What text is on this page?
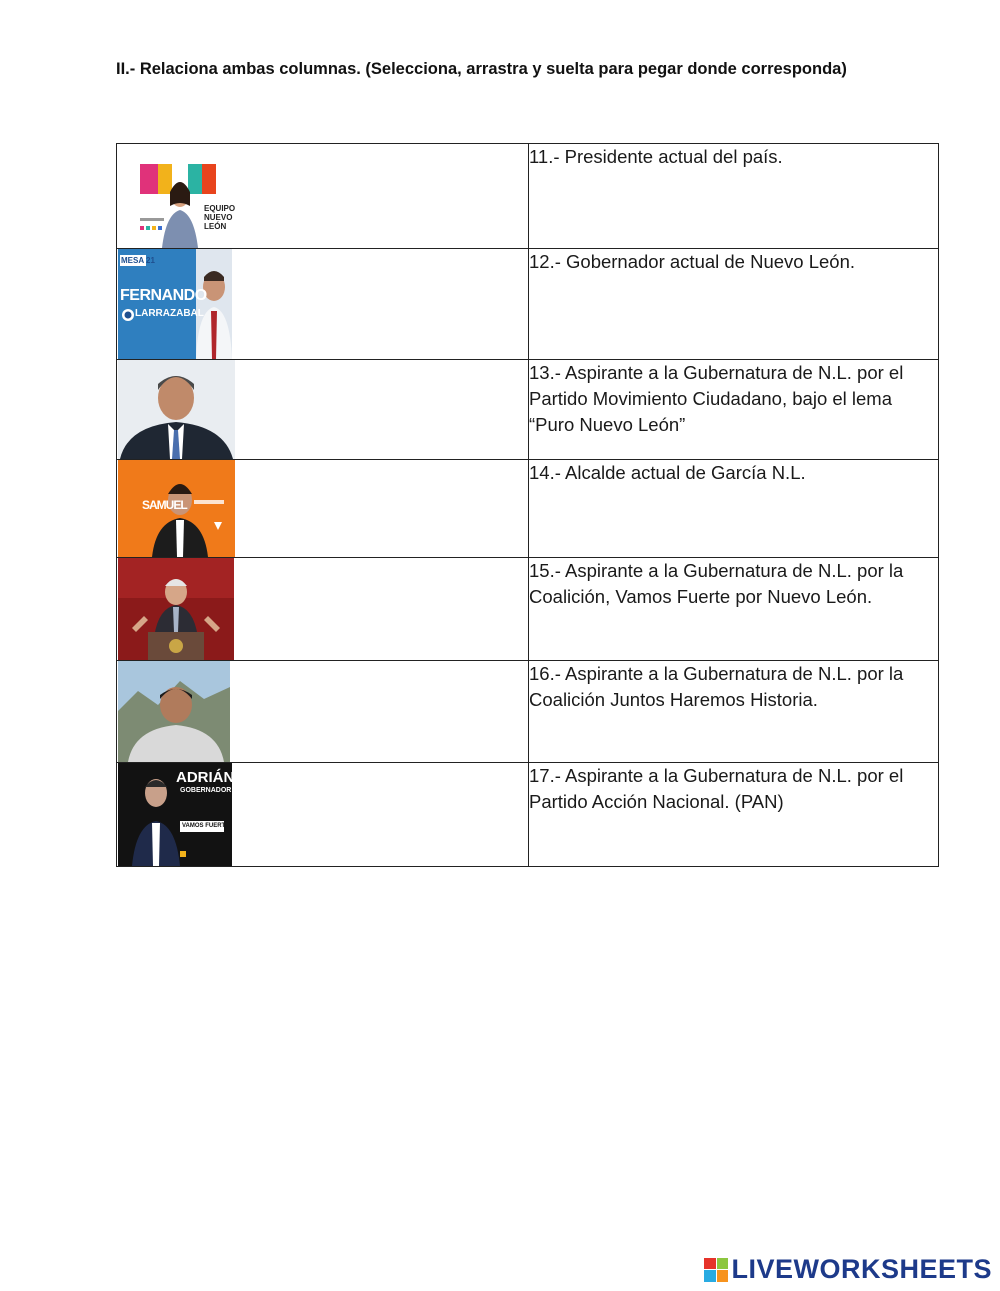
II.- Relaciona ambas columnas. (Selecciona, arrastra y suelta para pegar donde corresponda)
EQUIPO
NUEVO
LEÓN	11.- Presidente actual del país.

MESA 21
FERNANDO
LARRAZABAL	12.- Gobernador actual de Nuevo León.

	13.- Aspirante a la Gubernatura de N.L. por el Partido Movimiento Ciudadano, bajo el lema “Puro Nuevo León”

SAMUEL	14.- Alcalde actual de García N.L.

	15.- Aspirante a la Gubernatura de N.L. por la Coalición, Vamos Fuerte por Nuevo León.

	16.- Aspirante a la Gubernatura de N.L. por la Coalición Juntos Haremos Historia.

ADRIÁN
GOBERNADOR
VAMOS FUERTE	17.- Aspirante a la Gubernatura de N.L. por el Partido Acción Nacional. (PAN)
LIVEWORKSHEETS
